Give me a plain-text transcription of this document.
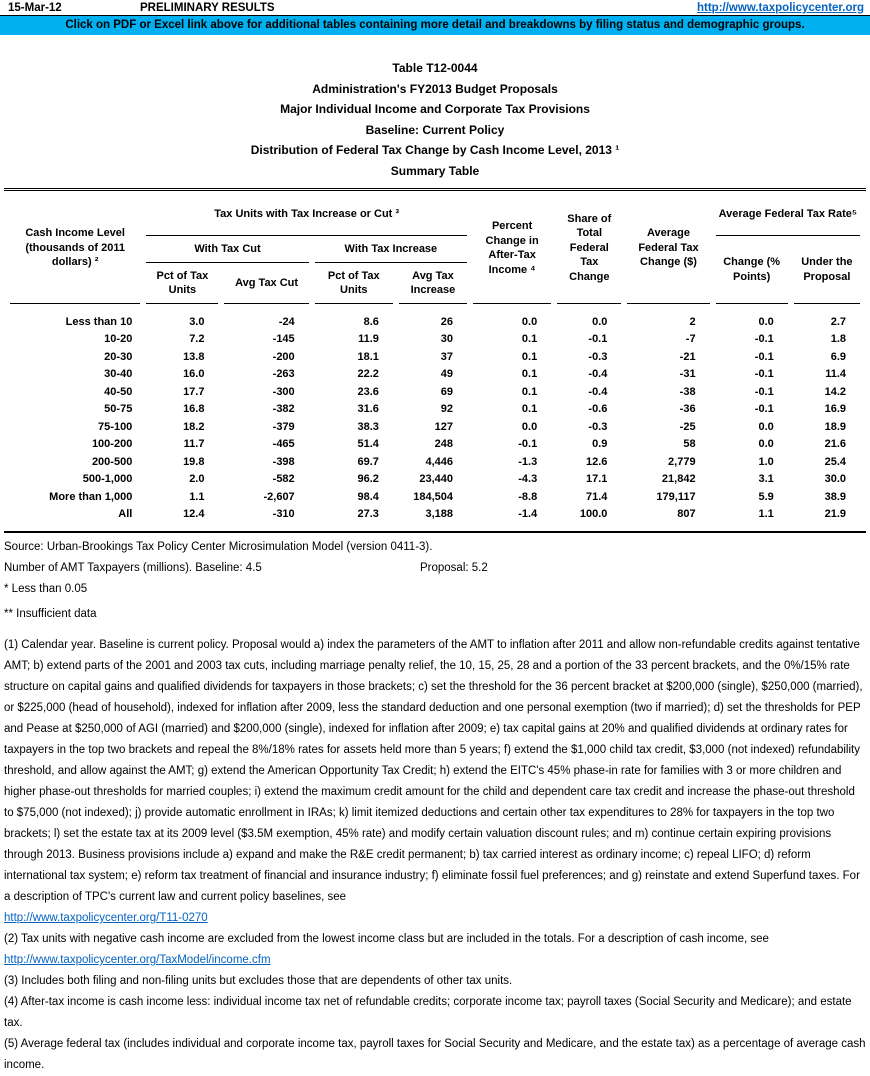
15-Mar-12	PRELIMINARY RESULTS	http://www.taxpolicycenter.org
Click on PDF or Excel link above for additional tables containing more detail and breakdowns by filing status and demographic groups.
Table T12-0044
Administration's FY2013 Budget Proposals
Major Individual Income and Corporate Tax Provisions
Baseline: Current Policy
Distribution of Federal Tax Change by Cash Income Level, 2013 ¹
Summary Table
Cash Income Level (thousands of 2011 dollars) ²	Tax Units with Tax Increase or Cut ³				Percent Change in After-Tax Income ⁴	Share of Total Federal Tax Change	Average Federal Tax Change ($)	Average Federal Tax Rate⁵	
	With Tax Cut		With Tax Increase					Change (% Points)	Under the Proposal
	Pct of Tax Units	Avg Tax Cut	Pct of Tax Units	Avg Tax Increase					
Less than 10	3.0	-24	8.6	26	0.0	0.0	2	0.0	2.7
10-20	7.2	-145	11.9	30	0.1	-0.1	-7	-0.1	1.8
20-30	13.8	-200	18.1	37	0.1	-0.3	-21	-0.1	6.9
30-40	16.0	-263	22.2	49	0.1	-0.4	-31	-0.1	11.4
40-50	17.7	-300	23.6	69	0.1	-0.4	-38	-0.1	14.2
50-75	16.8	-382	31.6	92	0.1	-0.6	-36	-0.1	16.9
75-100	18.2	-379	38.3	127	0.0	-0.3	-25	0.0	18.9
100-200	11.7	-465	51.4	248	-0.1	0.9	58	0.0	21.6
200-500	19.8	-398	69.7	4,446	-1.3	12.6	2,779	1.0	25.4
500-1,000	2.0	-582	96.2	23,440	-4.3	17.1	21,842	3.1	30.0
More than 1,000	1.1	-2,607	98.4	184,504	-8.8	71.4	179,117	5.9	38.9
All	12.4	-310	27.3	3,188	-1.4	100.0	807	1.1	21.9
Source: Urban-Brookings Tax Policy Center Microsimulation Model (version 0411-3).
Number of AMT Taxpayers (millions). Baseline: 4.5	Proposal: 5.2
* Less than 0.05
** Insufficient data

(1) Calendar year. Baseline is current policy. Proposal would a) index the parameters of the AMT to inflation after 2011 and allow non-refundable credits against tentative AMT; b) extend parts of the 2001 and 2003 tax cuts, including marriage penalty relief, the 10, 15, 25, 28 and a portion of the 33 percent brackets, and the 0%/15% rate structure on capital gains and qualified dividends for taxpayers in those brackets; c) set the threshold for the 36 percent bracket at $200,000 (single), $250,000 (married), or $225,000 (head of household), indexed for inflation after 2009, less the standard deduction and one personal exemption (two if married); d) set the thresholds for PEP and Pease at $250,000 of AGI (married) and $200,000 (single), indexed for inflation after 2009; e) tax capital gains at 20% and qualified dividends at ordinary rates for taxpayers in the top two brackets and repeal the 8%/18% rates for assets held more than 5 years; f) extend the $1,000 child tax credit, $3,000 (not indexed) refundability threshold, and allow against the AMT; g) extend the American Opportunity Tax Credit; h) extend the EITC's 45% phase-in rate for families with 3 or more children and higher phase-out thresholds for married couples; i) extend the maximum credit amount for the child and dependent care tax credit and increase the phase-out threshold to $75,000 (not indexed); j) provide automatic enrollment in IRAs; k) limit itemized deductions and certain other tax expenditures to 28% for taxpayers in the top two brackets; l) set the estate tax at its 2009 level ($3.5M exemption, 45% rate) and modify certain valuation discount rules; and m) continue certain expiring provisions through 2013. Business provisions include a) expand and make the R&E credit permanent; b) tax carried interest as ordinary income; c) repeal LIFO; d) reform international tax system; e) reform tax treatment of financial and insurance industry; f) eliminate fossil fuel preferences; and g) reinstate and extend Superfund taxes. For a description of TPC's current law and current policy baselines, see

http://www.taxpolicycenter.org/T11-0270

(2) Tax units with negative cash income are excluded from the lowest income class but are included in the totals. For a description of cash income, see

http://www.taxpolicycenter.org/TaxModel/income.cfm

(3) Includes both filing and non-filing units but excludes those that are dependents of other tax units.

(4) After-tax income is cash income less: individual income tax net of refundable credits; corporate income tax; payroll taxes (Social Security and Medicare); and estate tax.

(5) Average federal tax (includes individual and corporate income tax, payroll taxes for Social Security and Medicare, and the estate tax) as a percentage of average cash income.
